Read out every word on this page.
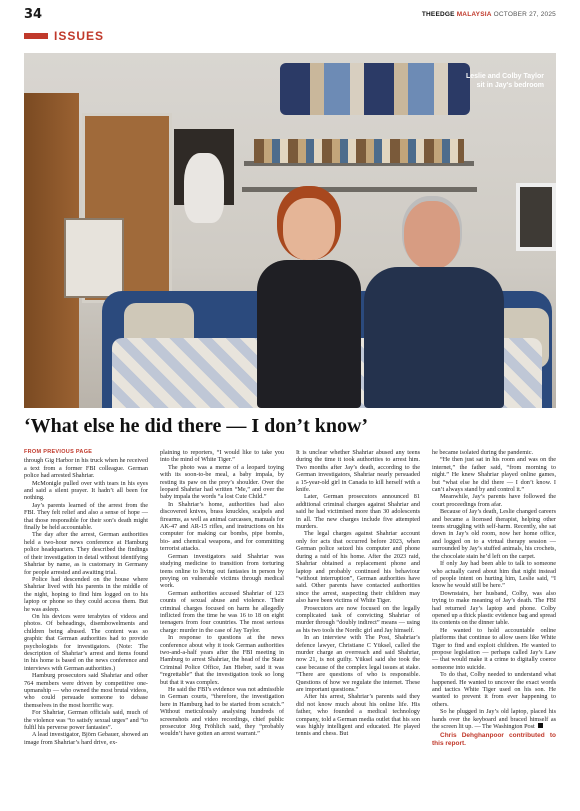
34	THEEDGE MALAYSIA OCTOBER 27, 2025
ISSUES
Leslie and Colby Taylor
sit in Jay's bedroom
‘What else he did there — I don’t know’
FROM PREVIOUS PAGE

through Gig Harbor in his truck when he received a text from a former FBI colleague. German police had arrested Shahriar.

McMonigle pulled over with tears in his eyes and said a silent prayer. It hadn’t all been for nothing.

Jay’s parents learned of the arrest from the FBI. They felt relief and also a sense of hope — that those responsible for their son’s death might finally be held accountable.

The day after the arrest, German authorities held a two-hour news conference at Hamburg police headquarters. They described the findings of their investigation in detail without identifying Shahriar by name, as is customary in Germany for people arrested and awaiting trial.

Police had descended on the house where Shahriar lived with his parents in the middle of the night, hoping to find him logged on to his laptop or phone so they could access them. But he was asleep.

On his devices were terabytes of videos and photos. Of beheadings, disembowelments and children being abused. The content was so graphic that German authorities had to provide psychologists for investigators. (Note: The description of Shahriar’s arrest and items found in his home is based on the news conference and interviews with German authorities.)

Hamburg prosecutors said Shahriar and other 764 members were driven by competitive one-upmanship — who owned the most brutal videos, who could persuade someone to debase themselves in the most horrific way.

For Shahriar, German officials said, much of the violence was “to satisfy sexual urges” and “to fulfil his perverse power fantasies”.

A lead investigator, Björn Gebauer, showed an image from Shahriar’s hard drive, ex-

plaining to reporters, “I would like to take you into the mind of White Tiger.”

The photo was a meme of a leopard toying with its soon-to-be meal, a baby impala, by resting its paw on the prey’s shoulder. Over the leopard Shahriar had written “Me,” and over the baby impala the words “a lost Cute Child.”

In Shahriar’s home, authorities had also discovered knives, brass knuckles, scalpels and firearms, as well as animal carcasses, manuals for AK-47 and AR-15 rifles, and instructions on his computer for making car bombs, pipe bombs, bio- and chemical weapons, and for committing terrorist attacks.

German investigators said Shahriar was studying medicine to transition from torturing teens online to living out fantasies in person by preying on vulnerable victims through medical work.

German authorities accused Shahriar of 123 counts of sexual abuse and violence. Their criminal charges focused on harm he allegedly inflicted from the time he was 16 to 18 on eight teenagers from four countries. The most serious charge: murder in the case of Jay Taylor.

In response to questions at the news conference about why it took German authorities two-and-a-half years after the FBI meeting in Hamburg to arrest Shahriar, the head of the State Criminal Police Office, Jan Hieber, said it was “regrettable” that the investigation took so long but that it was complex.

He said the FBI’s evidence was not admissible in German courts, “therefore, the investigation here in Hamburg had to be started from scratch.” Without meticulously analysing hundreds of screenshots and video recordings, chief public prosecutor Jörg Fröhlich said, they “probably wouldn’t have gotten an arrest warrant.”

It is unclear whether Shahriar abused any teens during the time it took authorities to arrest him. Two months after Jay’s death, according to the German investigators, Shahriar nearly persuaded a 15-year-old girl in Canada to kill herself with a knife.

Later, German prosecutors announced 81 additional criminal charges against Shahriar and said he had victimised more than 30 adolescents in all. The new charges include five attempted murders.

The legal charges against Shahriar account only for acts that occurred before 2023, when German police seized his computer and phone during a raid of his home. After the 2023 raid, Shahriar obtained a replacement phone and laptop and probably continued his behaviour “without interruption”, German authorities have said. Other parents have contacted authorities since the arrest, suspecting their children may also have been victims of White Tiger.

Prosecutors are now focused on the legally complicated task of convicting Shahriar of murder through “doubly indirect” means — using as his two tools the Nordic girl and Jay himself.

In an interview with The Post, Shahriar’s defence lawyer, Christiane C Yüksel, called the murder charge an overreach and said Shahriar, now 21, is not guilty. Yüksel said she took the case because of the complex legal issues at stake. “There are questions of who is responsible. Questions of how we regulate the internet. These are important questions.”

After his arrest, Shahriar’s parents said they did not know much about his online life. His father, who founded a medical technology company, told a German media outlet that his son was highly intelligent and educated. He played tennis and chess. But

he became isolated during the pandemic.

“He then just sat in his room and was on the internet,” the father said, “from morning to night.” He knew Shahriar played online games, but “what else he did there — I don’t know. I can’t always stand by and control it.”

Meanwhile, Jay’s parents have followed the court proceedings from afar.

Because of Jay’s death, Leslie changed careers and became a licensed therapist, helping other teens struggling with self-harm. Recently, she sat down in Jay’s old room, now her home office, and logged on to a virtual therapy session — surrounded by Jay’s stuffed animals, his crochets, the chocolate stain he’d left on the carpet.

If only Jay had been able to talk to someone who actually cared about him that night instead of people intent on hurting him, Leslie said, “I know he would still be here.”

Downstairs, her husband, Colby, was also trying to make meaning of Jay’s death. The FBI had returned Jay’s laptop and phone. Colby opened up a thick plastic evidence bag and spread its contents on the dinner table.

He wanted to hold accountable online platforms that continue to allow users like White Tiger to find and exploit children. He wanted to propose legislation — perhaps called Jay’s Law — that would make it a crime to digitally coerce someone into suicide.

To do that, Colby needed to understand what happened. He wanted to uncover the exact words and tactics White Tiger used on his son. He wanted to prevent it from ever happening to others.

So he plugged in Jay’s old laptop, placed his hands over the keyboard and braced himself as the screen lit up. — The Washington Post

Chris Dehghanpoor contributed to this report.
